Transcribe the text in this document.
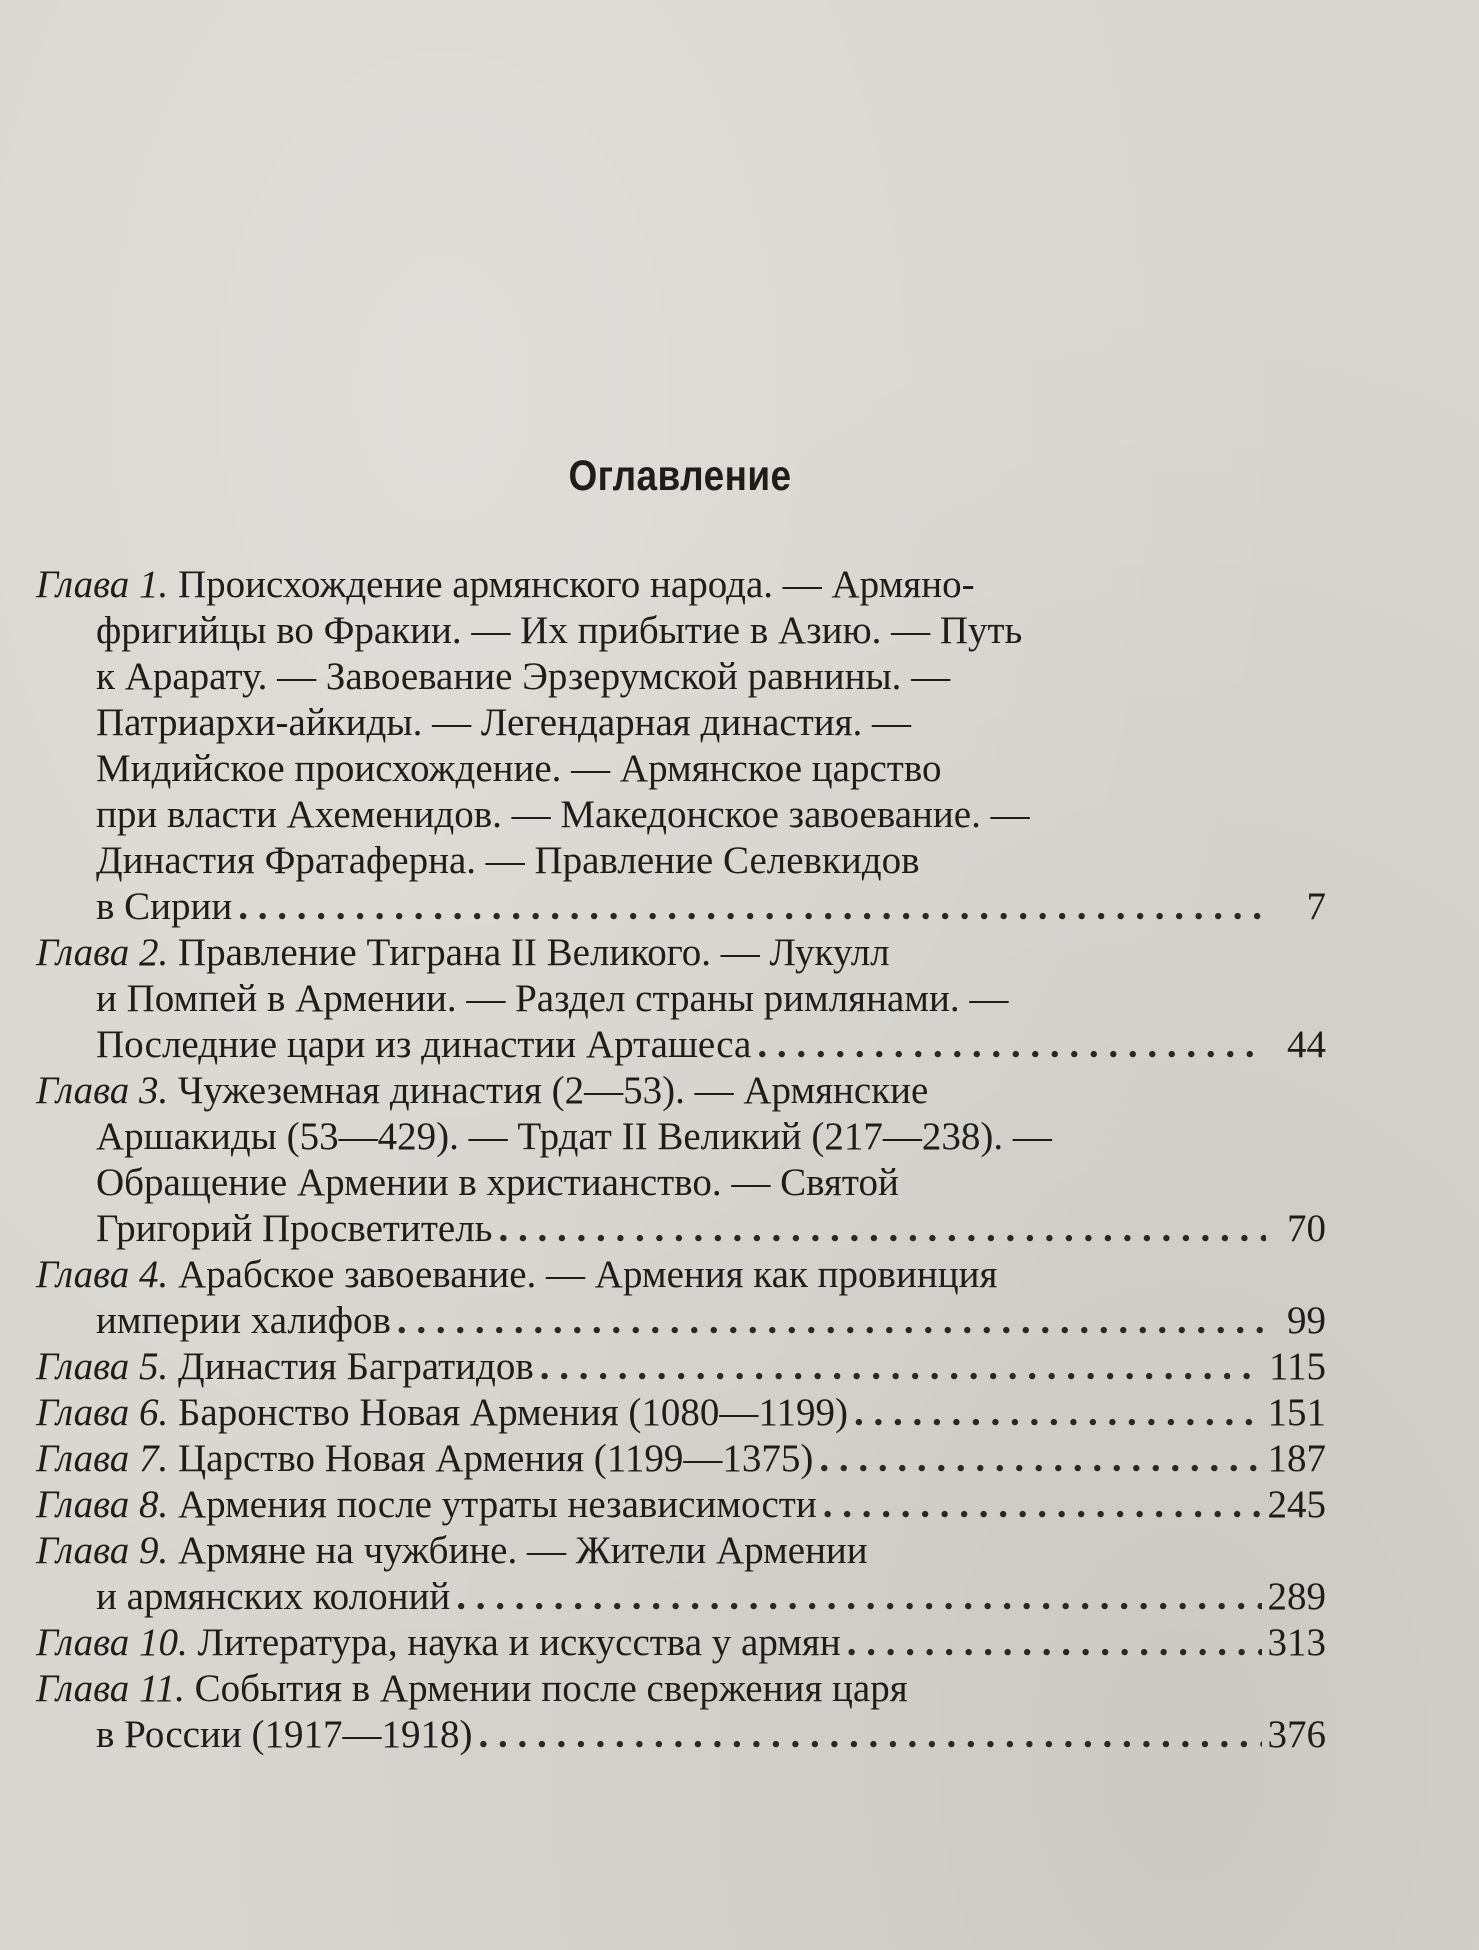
Оглавление
Глава 1.
Происхождение армянского народа. — Армяно-
фригийцы во Фракии. — Их прибытие в Азию. — Путь
к Арарату. — Завоевание Эрзерумской равнины. —
Патриархи-айкиды. — Легендарная династия. —
Мидийское происхождение. — Армянское царство
при власти Ахеменидов. — Македонское завоевание. —
Династия Фратаферна. — Правление Селевкидов
в Сирии . . .	7
Глава 2.
Правление Тиграна II Великого. — Лукулл
и Помпей в Армении. — Раздел страны римлянами. —
Последние цари из династии Арташеса . . .	44
Глава 3.
Чужеземная династия (2—53). — Армянские
Аршакиды (53—429). — Трдат II Великий (217—238). —
Обращение Армении в христианство. — Святой
Григорий Просветитель . . .	70
Глава 4.
Арабское завоевание. — Армения как провинция
империи халифов . . .	99
Глава 5.
Династия Багратидов . . .	115
Глава 6.
Баронство Новая Армения (1080—1199) . . .	151
Глава 7.
Царство Новая Армения (1199—1375) . . .	187
Глава 8.
Армения после утраты независимости . . .	245
Глава 9.
Армяне на чужбине. — Жители Армении
и армянских колоний . . .	289
Глава 10.
Литература, наука и искусства у армян . . .	313
Глава 11.
События в Армении после свержения царя
в России (1917—1918) . . .	376
